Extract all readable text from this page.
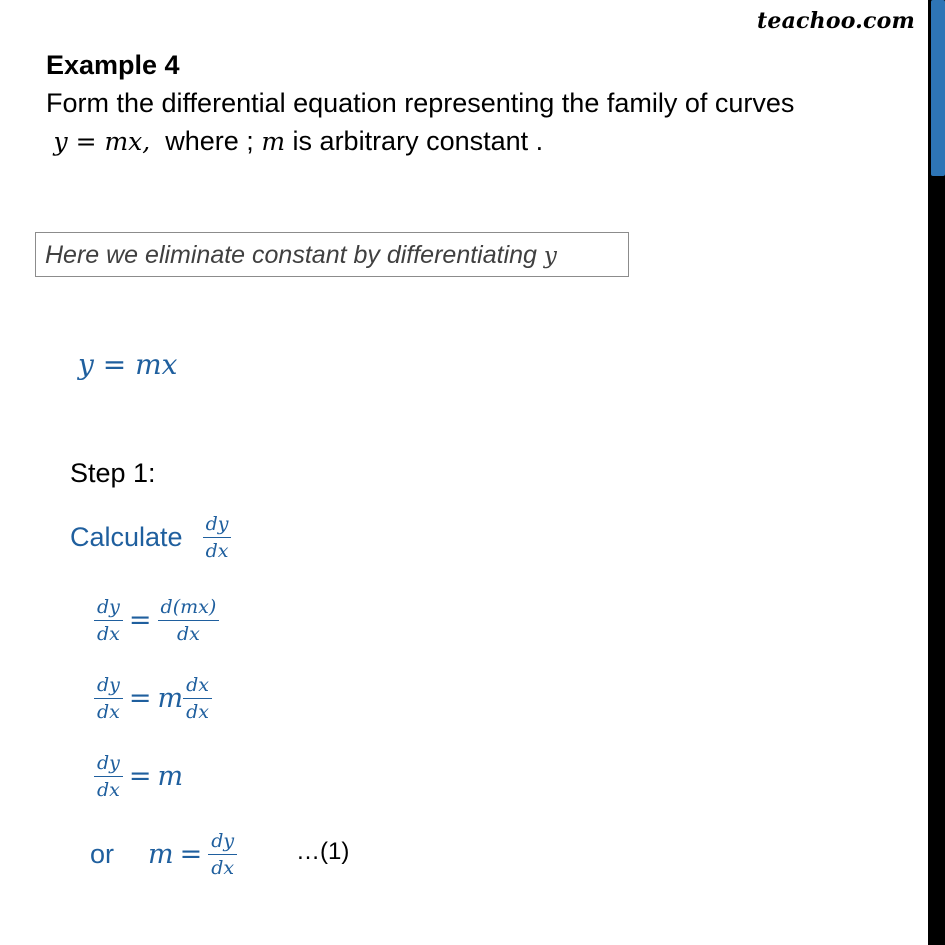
teachoo.com
Example 4
Form the differential equation representing the family of curves
y = mx, where ; m is arbitrary constant .
Here we eliminate constant by differentiating y
y = mx
Step 1:
Calculate $\frac{dy}{dx}$
$\frac{dy}{dx} = \frac{d(mx)}{dx}$
$\frac{dy}{dx} = m \frac{dx}{dx}$
$\frac{dy}{dx} = m$
or $m = \frac{dy}{dx}$ …(1)
